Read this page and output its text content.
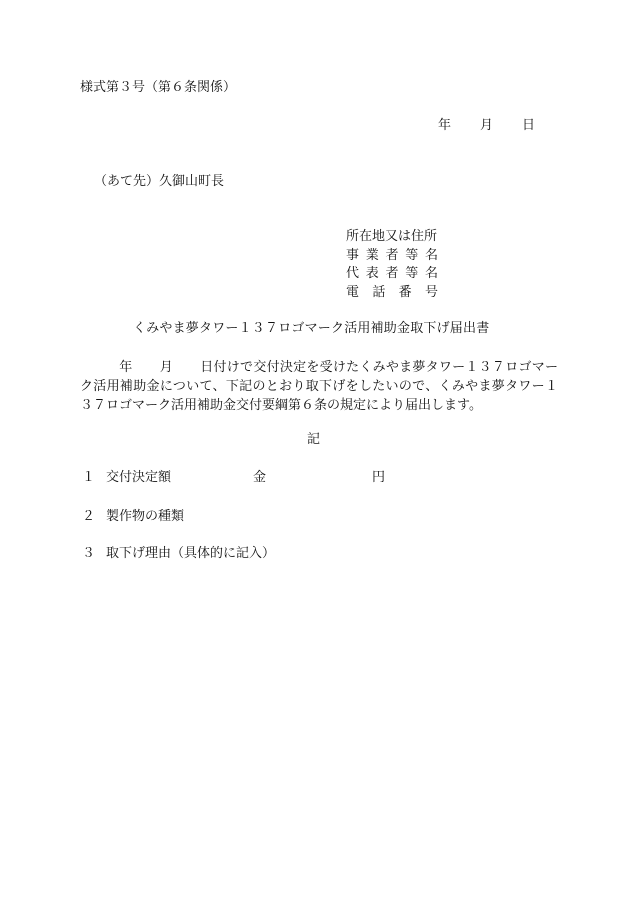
様式第３号（第６条関係）
年 月 日
（あて先）久御山町長
所在地又は住所
事業者等名
代表者等名
電話番号
くみやま夢タワー１３７ロゴマーク活用補助金取下げ届出書
年 月 日付けで交付決定を受けたくみやま夢タワー１３７ロゴマーク活用補助金について、下記のとおり取下げをしたいので、くみやま夢タワー１３７ロゴマーク活用補助金交付要綱第６条の規定により届出します。
記
１ 交付決定額	金	円
２ 製作物の種類
３ 取下げ理由（具体的に記入）
